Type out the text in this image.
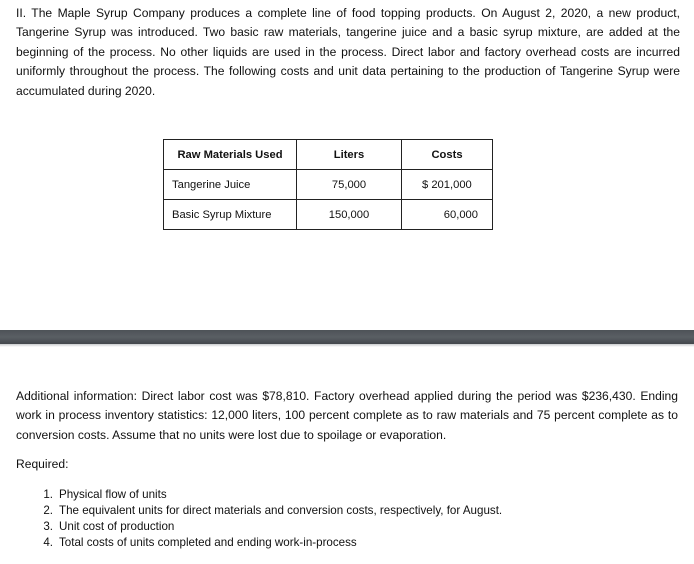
II. The Maple Syrup Company produces a complete line of food topping products. On August 2, 2020, a new product, Tangerine Syrup was introduced. Two basic raw materials, tangerine juice and a basic syrup mixture, are added at the beginning of the process. No other liquids are used in the process. Direct labor and factory overhead costs are incurred uniformly throughout the process. The following costs and unit data pertaining to the production of Tangerine Syrup were accumulated during 2020.

Raw Materials Used	Liters	Costs
Tangerine Juice	75,000	$ 201,000
Basic Syrup Mixture	150,000	60,000

Additional information: Direct labor cost was $78,810. Factory overhead applied during the period was $236,430. Ending work in process inventory statistics: 12,000 liters, 100 percent complete as to raw materials and 75 percent complete as to conversion costs. Assume that no units were lost due to spoilage or evaporation.

Required:

1. Physical flow of units
2. The equivalent units for direct materials and conversion costs, respectively, for August.
3. Unit cost of production
4. Total costs of units completed and ending work-in-process
